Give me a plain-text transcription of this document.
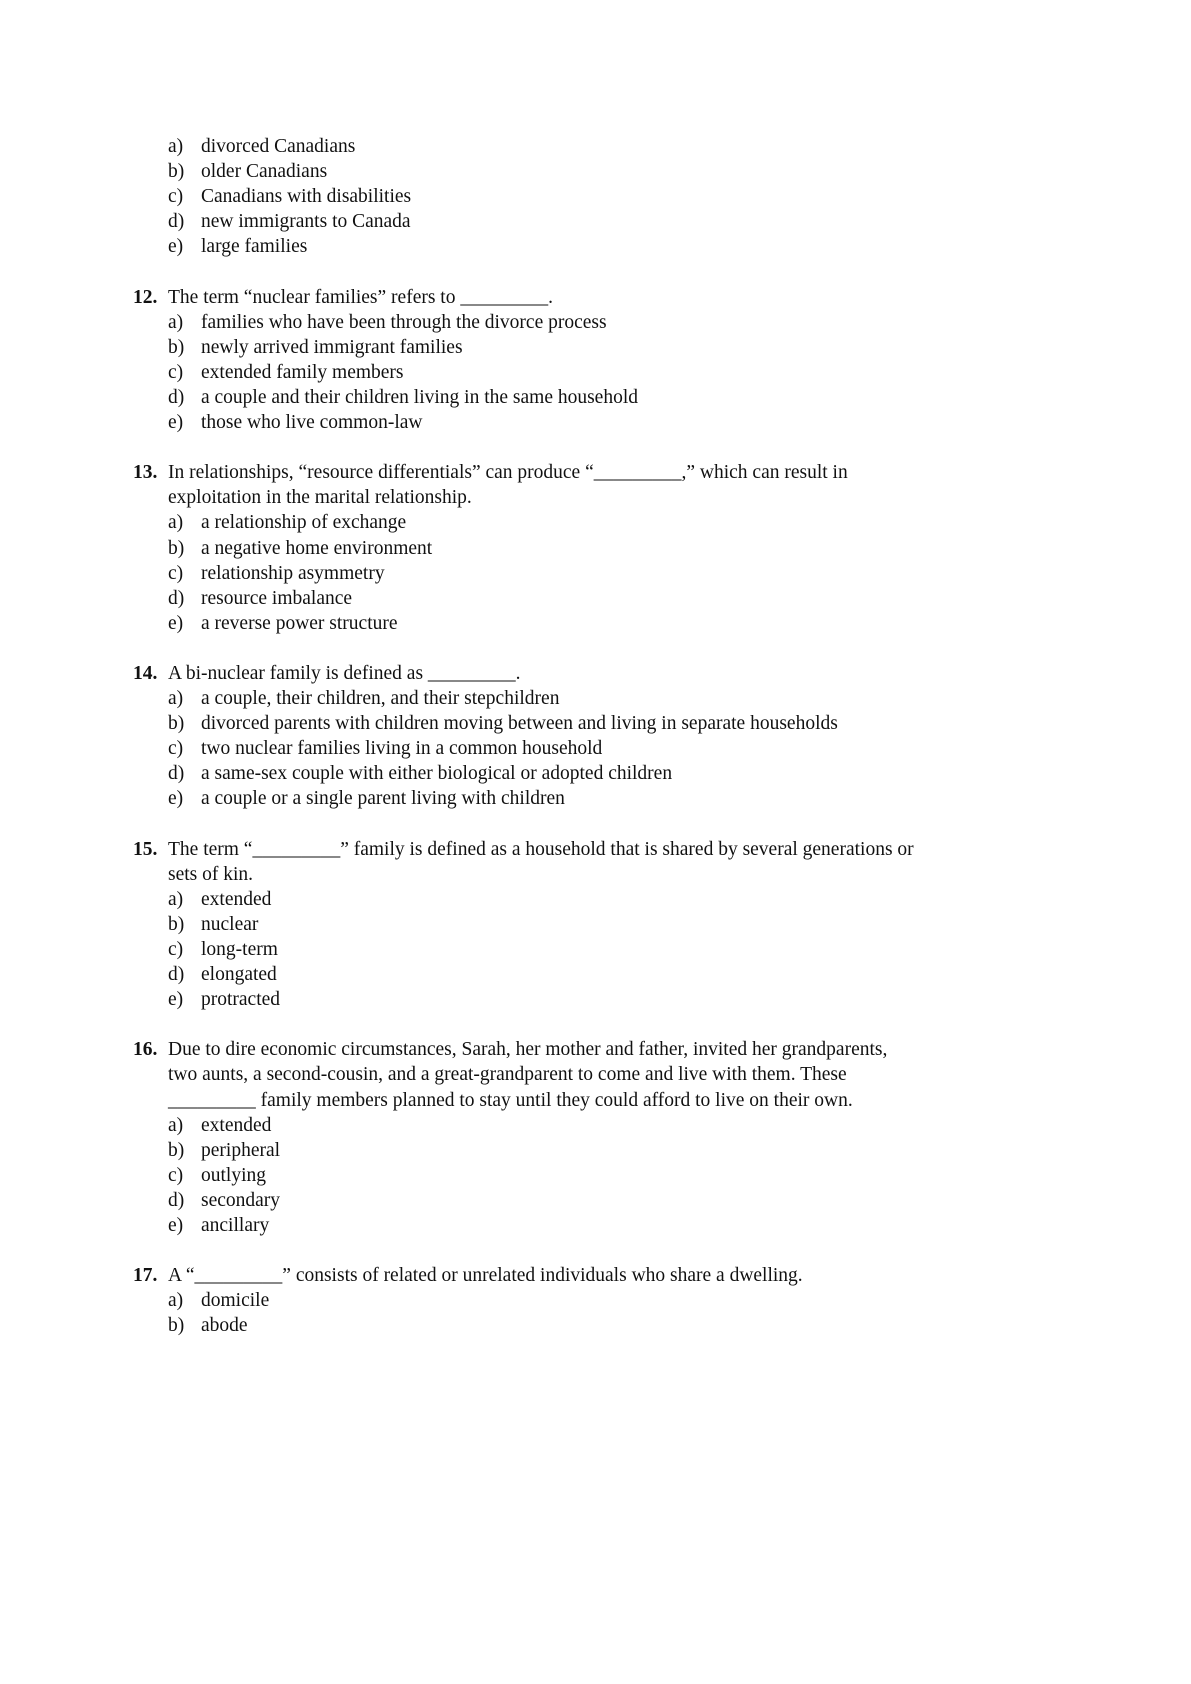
a) divorced Canadians
b) older Canadians
c) Canadians with disabilities
d) new immigrants to Canada
e) large families
12. The term “nuclear families” refers to _________.
a) families who have been through the divorce process
b) newly arrived immigrant families
c) extended family members
d) a couple and their children living in the same household
e) those who live common-law
13. In relationships, “resource differentials” can produce “_________,” which can result in
exploitation in the marital relationship.
a) a relationship of exchange
b) a negative home environment
c) relationship asymmetry
d) resource imbalance
e) a reverse power structure
14. A bi-nuclear family is defined as _________.
a) a couple, their children, and their stepchildren
b) divorced parents with children moving between and living in separate households
c) two nuclear families living in a common household
d) a same-sex couple with either biological or adopted children
e) a couple or a single parent living with children
15. The term “_________” family is defined as a household that is shared by several generations or
sets of kin.
a) extended
b) nuclear
c) long-term
d) elongated
e) protracted
16. Due to dire economic circumstances, Sarah, her mother and father, invited her grandparents,
two aunts, a second-cousin, and a great-grandparent to come and live with them. These
_________ family members planned to stay until they could afford to live on their own.
a) extended
b) peripheral
c) outlying
d) secondary
e) ancillary
17. A “_________” consists of related or unrelated individuals who share a dwelling.
a) domicile
b) abode
